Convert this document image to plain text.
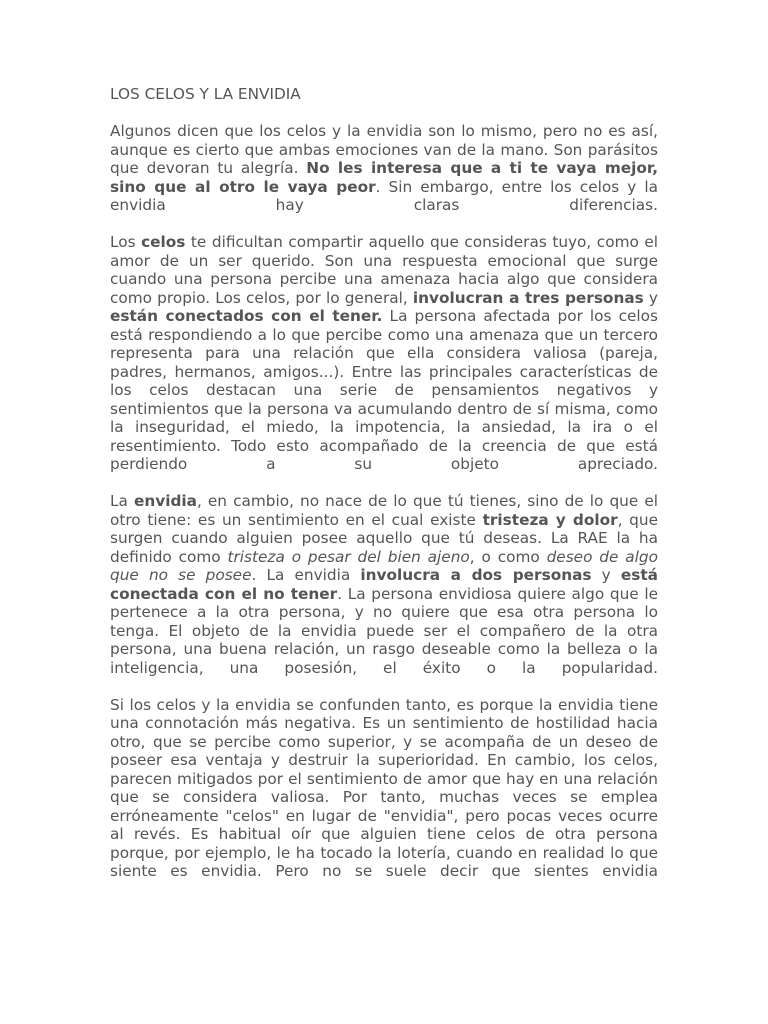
LOS CELOS Y LA ENVIDIA

Algunos dicen que los celos y la envidia son lo mismo, pero no es así, aunque es cierto que ambas emociones van de la mano. Son parásitos que devoran tu alegría. No les interesa que a ti te vaya mejor, sino que al otro le vaya peor. Sin embargo, entre los celos y la envidia hay claras diferencias.

Los celos te dificultan compartir aquello que consideras tuyo, como el amor de un ser querido. Son una respuesta emocional que surge cuando una persona percibe una amenaza hacia algo que considera como propio. Los celos, por lo general, involucran a tres personas y están conectados con el tener. La persona afectada por los celos está respondiendo a lo que percibe como una amenaza que un tercero representa para una relación que ella considera valiosa (pareja, padres, hermanos, amigos...). Entre las principales características de los celos destacan una serie de pensamientos negativos y sentimientos que la persona va acumulando dentro de sí misma, como la inseguridad, el miedo, la impotencia, la ansiedad, la ira o el resentimiento. Todo esto acompañado de la creencia de que está perdiendo a su objeto apreciado.

La envidia, en cambio, no nace de lo que tú tienes, sino de lo que el otro tiene: es un sentimiento en el cual existe tristeza y dolor, que surgen cuando alguien posee aquello que tú deseas. La RAE la ha definido como tristeza o pesar del bien ajeno, o como deseo de algo que no se posee. La envidia involucra a dos personas y está conectada con el no tener. La persona envidiosa quiere algo que le pertenece a la otra persona, y no quiere que esa otra persona lo tenga. El objeto de la envidia puede ser el compañero de la otra persona, una buena relación, un rasgo deseable como la belleza o la inteligencia, una posesión, el éxito o la popularidad.

Si los celos y la envidia se confunden tanto, es porque la envidia tiene una connotación más negativa. Es un sentimiento de hostilidad hacia otro, que se percibe como superior, y se acompaña de un deseo de poseer esa ventaja y destruir la superioridad. En cambio, los celos, parecen mitigados por el sentimiento de amor que hay en una relación que se considera valiosa. Por tanto, muchas veces se emplea erróneamente "celos" en lugar de "envidia", pero pocas veces ocurre al revés. Es habitual oír que alguien tiene celos de otra persona porque, por ejemplo, le ha tocado la lotería, cuando en realidad lo que siente es envidia. Pero no se suele decir que sientes envidia
